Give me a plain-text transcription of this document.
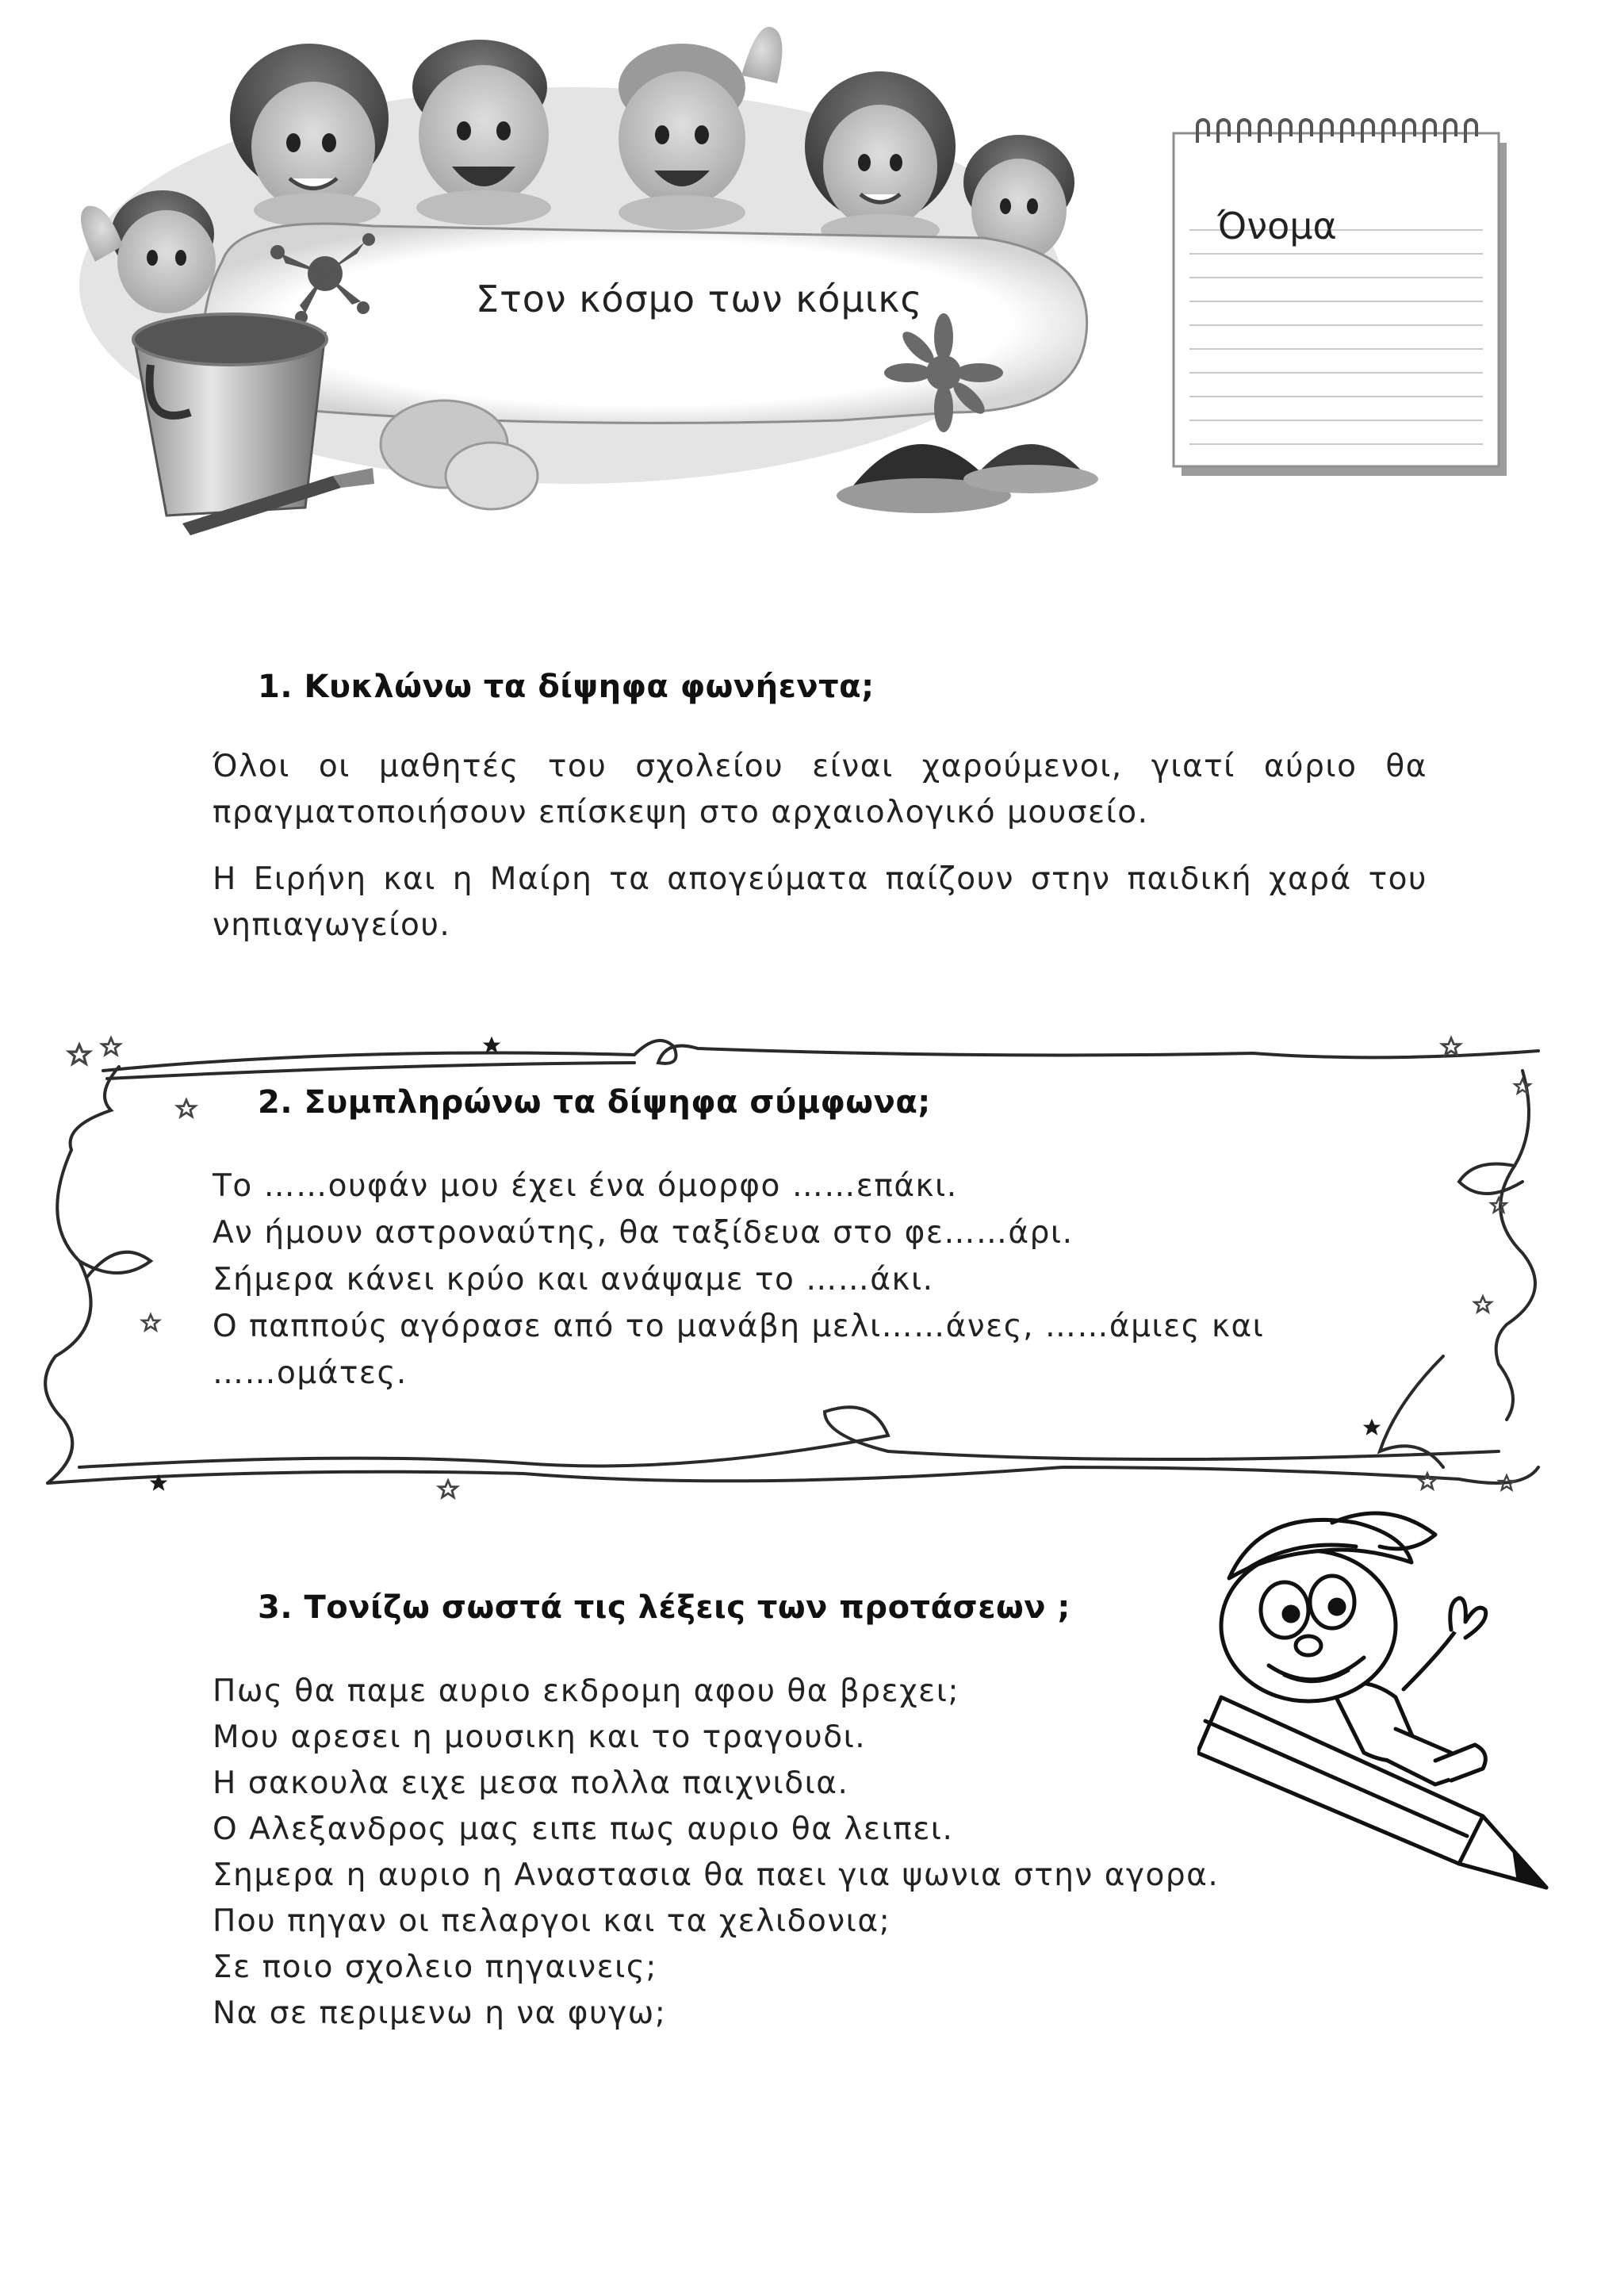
Στον κόσμο των κόμικς
Όνομα
1. Κυκλώνω τα δίψηφα φωνήεντα;

Όλοι οι μαθητές του σχολείου είναι χαρούμενοι, γιατί αύριο θα πραγματοποιήσουν επίσκεψη στο αρχαιολογικό μουσείο.

Η Ειρήνη και η Μαίρη τα απογεύματα παίζουν στην παιδική χαρά του νηπιαγωγείου.

2. Συμπληρώνω τα δίψηφα σύμφωνα;

Το ……ουφάν μου έχει ένα όμορφο ……επάκι.

Αν ήμουν αστροναύτης, θα ταξίδευα στο φε……άρι.

Σήμερα κάνει κρύο και ανάψαμε το ……άκι.

Ο παππούς αγόρασε από το μανάβη μελι……άνες, ……άμιες και

……ομάτες.

3. Τονίζω σωστά τις λέξεις των προτάσεων ;

Πως θα παμε αυριο εκδρομη αφου θα βρεχει;

Μου αρεσει η μουσικη και το τραγουδι.

Η σακουλα ειχε μεσα πολλα παιχνιδια.

Ο Αλεξανδρος μας ειπε πως αυριο θα λειπει.

Σημερα η αυριο η Αναστασια θα παει για ψωνια στην αγορα.

Που πηγαν οι πελαργοι και τα χελιδονια;

Σε ποιο σχολειο πηγαινεις;

Να σε περιμενω η να φυγω;
